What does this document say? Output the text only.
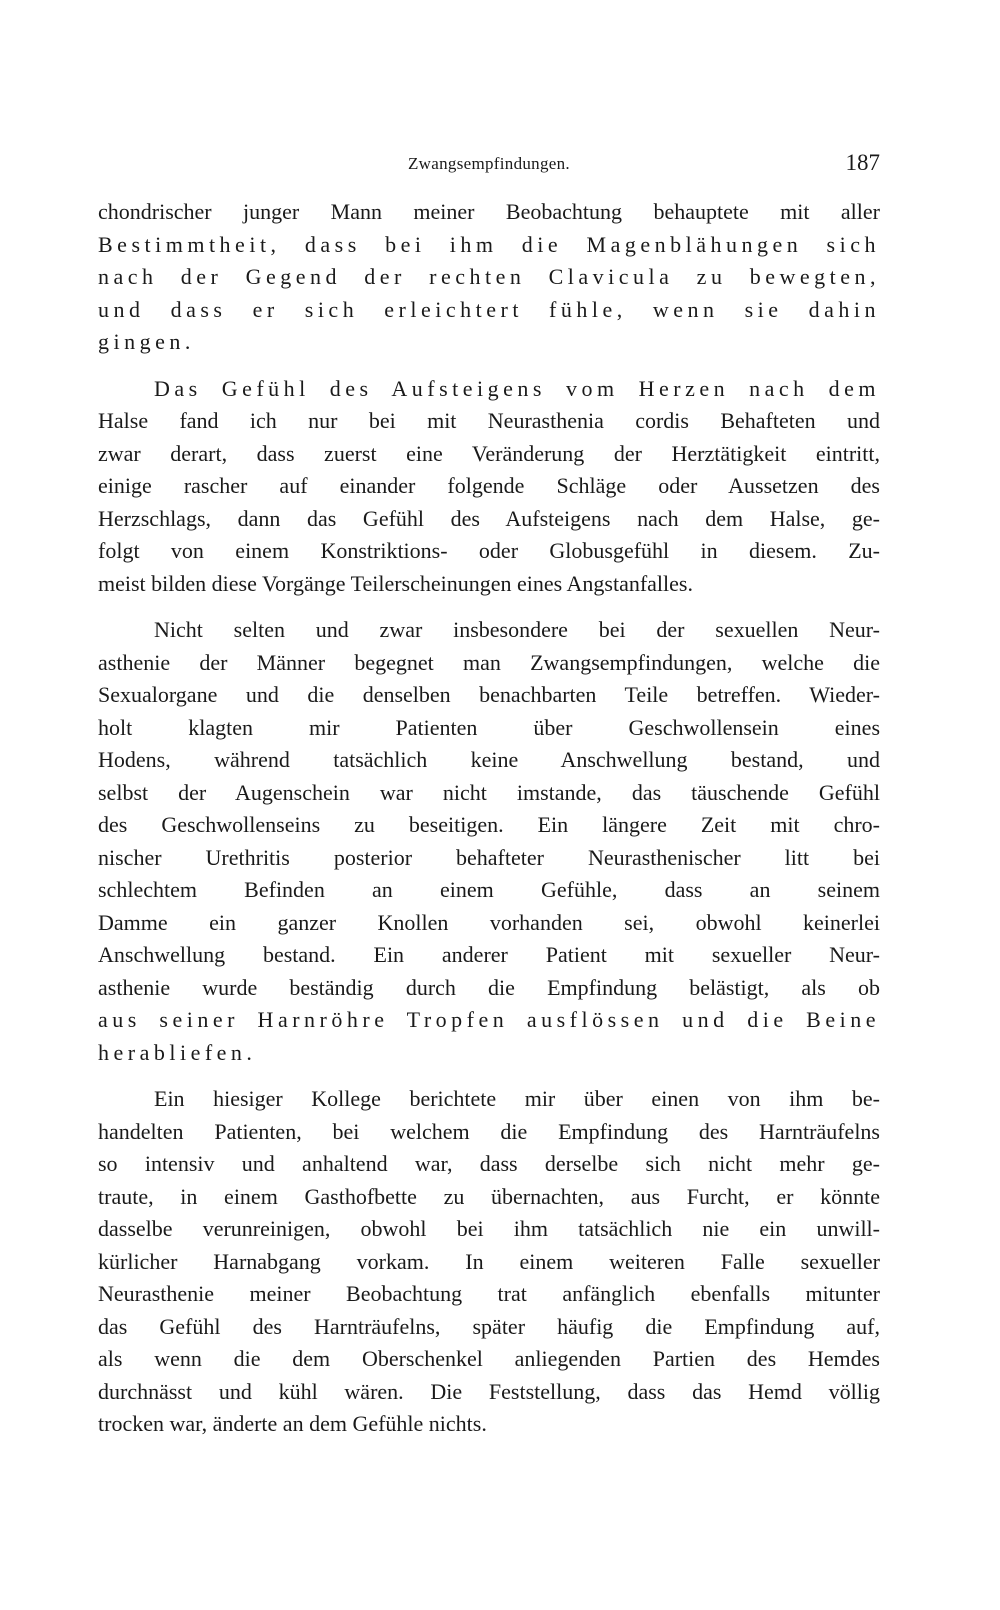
Zwangsempfindungen.	187
chondrischer junger Mann meiner Beobachtung behauptete mit aller
Bestimmtheit, dass bei ihm die Magenblähungen sich
nach der Gegend der rechten Clavicula zu bewegten,
und dass er sich erleichtert fühle, wenn sie dahin
gingen.
Das Gefühl des Aufsteigens vom Herzen nach dem
Halse fand ich nur bei mit Neurasthenia cordis Behafteten und
zwar derart, dass zuerst eine Veränderung der Herztätigkeit eintritt,
einige rascher auf einander folgende Schläge oder Aussetzen des
Herzschlags, dann das Gefühl des Aufsteigens nach dem Halse, ge-
folgt von einem Konstriktions- oder Globusgefühl in diesem. Zu-
meist bilden diese Vorgänge Teilerscheinungen eines Angstanfalles.
Nicht selten und zwar insbesondere bei der sexuellen Neur-
asthenie der Männer begegnet man Zwangsempfindungen, welche die
Sexualorgane und die denselben benachbarten Teile betreffen. Wieder-
holt klagten mir Patienten über Geschwollensein eines
Hodens, während tatsächlich keine Anschwellung bestand, und
selbst der Augenschein war nicht imstande, das täuschende Gefühl
des Geschwollenseins zu beseitigen. Ein längere Zeit mit chro-
nischer Urethritis posterior behafteter Neurasthenischer litt bei
schlechtem Befinden an einem Gefühle, dass an seinem
Damme ein ganzer Knollen vorhanden sei, obwohl keinerlei
Anschwellung bestand. Ein anderer Patient mit sexueller Neur-
asthenie wurde beständig durch die Empfindung belästigt, als ob
aus seiner Harnröhre Tropfen ausflössen und die Beine
herabliefen.
Ein hiesiger Kollege berichtete mir über einen von ihm be-
handelten Patienten, bei welchem die Empfindung des Harnträufelns
so intensiv und anhaltend war, dass derselbe sich nicht mehr ge-
traute, in einem Gasthofbette zu übernachten, aus Furcht, er könnte
dasselbe verunreinigen, obwohl bei ihm tatsächlich nie ein unwill-
kürlicher Harnabgang vorkam. In einem weiteren Falle sexueller
Neurasthenie meiner Beobachtung trat anfänglich ebenfalls mitunter
das Gefühl des Harnträufelns, später häufig die Empfindung auf,
als wenn die dem Oberschenkel anliegenden Partien des Hemdes
durchnässt und kühl wären. Die Feststellung, dass das Hemd völlig
trocken war, änderte an dem Gefühle nichts.
